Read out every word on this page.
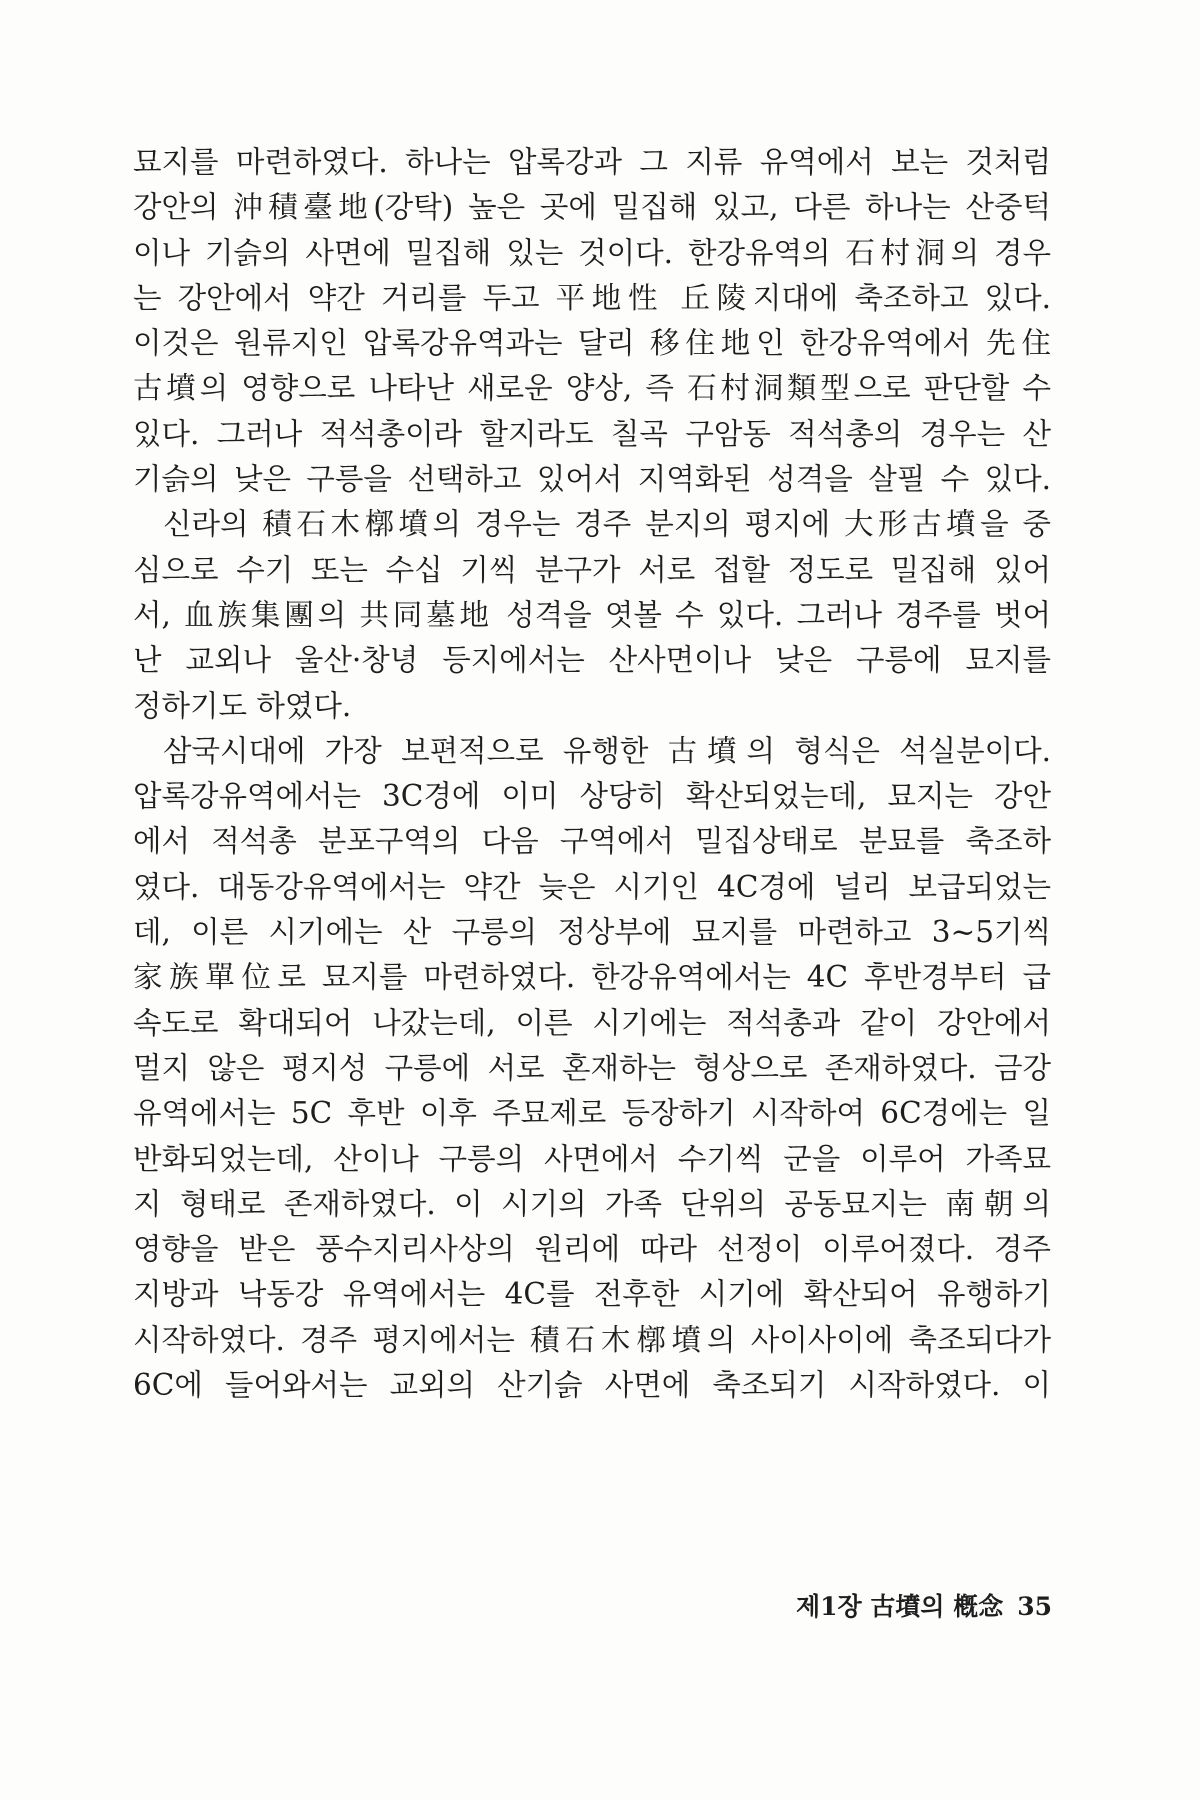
묘지를 마련하였다. 하나는 압록강과 그 지류 유역에서 보는 것처럼
강안의 沖積臺地(강탁) 높은 곳에 밀집해 있고, 다른 하나는 산중턱
이나 기슭의 사면에 밀집해 있는 것이다. 한강유역의 石村洞의 경우
는 강안에서 약간 거리를 두고 平地性 丘陵지대에 축조하고 있다.
이것은 원류지인 압록강유역과는 달리 移住地인 한강유역에서 先住
古墳의 영향으로 나타난 새로운 양상, 즉 石村洞類型으로 판단할 수
있다. 그러나 적석총이라 할지라도 칠곡 구암동 적석총의 경우는 산
기슭의 낮은 구릉을 선택하고 있어서 지역화된 성격을 살필 수 있다.
신라의 積石木槨墳의 경우는 경주 분지의 평지에 大形古墳을 중
심으로 수기 또는 수십 기씩 분구가 서로 접할 정도로 밀집해 있어
서, 血族集團의 共同墓地 성격을 엿볼 수 있다. 그러나 경주를 벗어
난 교외나 울산·창녕 등지에서는 산사면이나 낮은 구릉에 묘지를
정하기도 하였다.
삼국시대에 가장 보편적으로 유행한 古墳의 형식은 석실분이다.
압록강유역에서는 3C경에 이미 상당히 확산되었는데, 묘지는 강안
에서 적석총 분포구역의 다음 구역에서 밀집상태로 분묘를 축조하
였다. 대동강유역에서는 약간 늦은 시기인 4C경에 널리 보급되었는
데, 이른 시기에는 산 구릉의 정상부에 묘지를 마련하고 3~5기씩
家族單位로 묘지를 마련하였다. 한강유역에서는 4C 후반경부터 급
속도로 확대되어 나갔는데, 이른 시기에는 적석총과 같이 강안에서
멀지 않은 평지성 구릉에 서로 혼재하는 형상으로 존재하였다. 금강
유역에서는 5C 후반 이후 주묘제로 등장하기 시작하여 6C경에는 일
반화되었는데, 산이나 구릉의 사면에서 수기씩 군을 이루어 가족묘
지 형태로 존재하였다. 이 시기의 가족 단위의 공동묘지는 南朝의
영향을 받은 풍수지리사상의 원리에 따라 선정이 이루어졌다. 경주
지방과 낙동강 유역에서는 4C를 전후한 시기에 확산되어 유행하기
시작하였다. 경주 평지에서는 積石木槨墳의 사이사이에 축조되다가
6C에 들어와서는 교외의 산기슭 사면에 축조되기 시작하였다. 이
제1장 古墳의 槪念 35
